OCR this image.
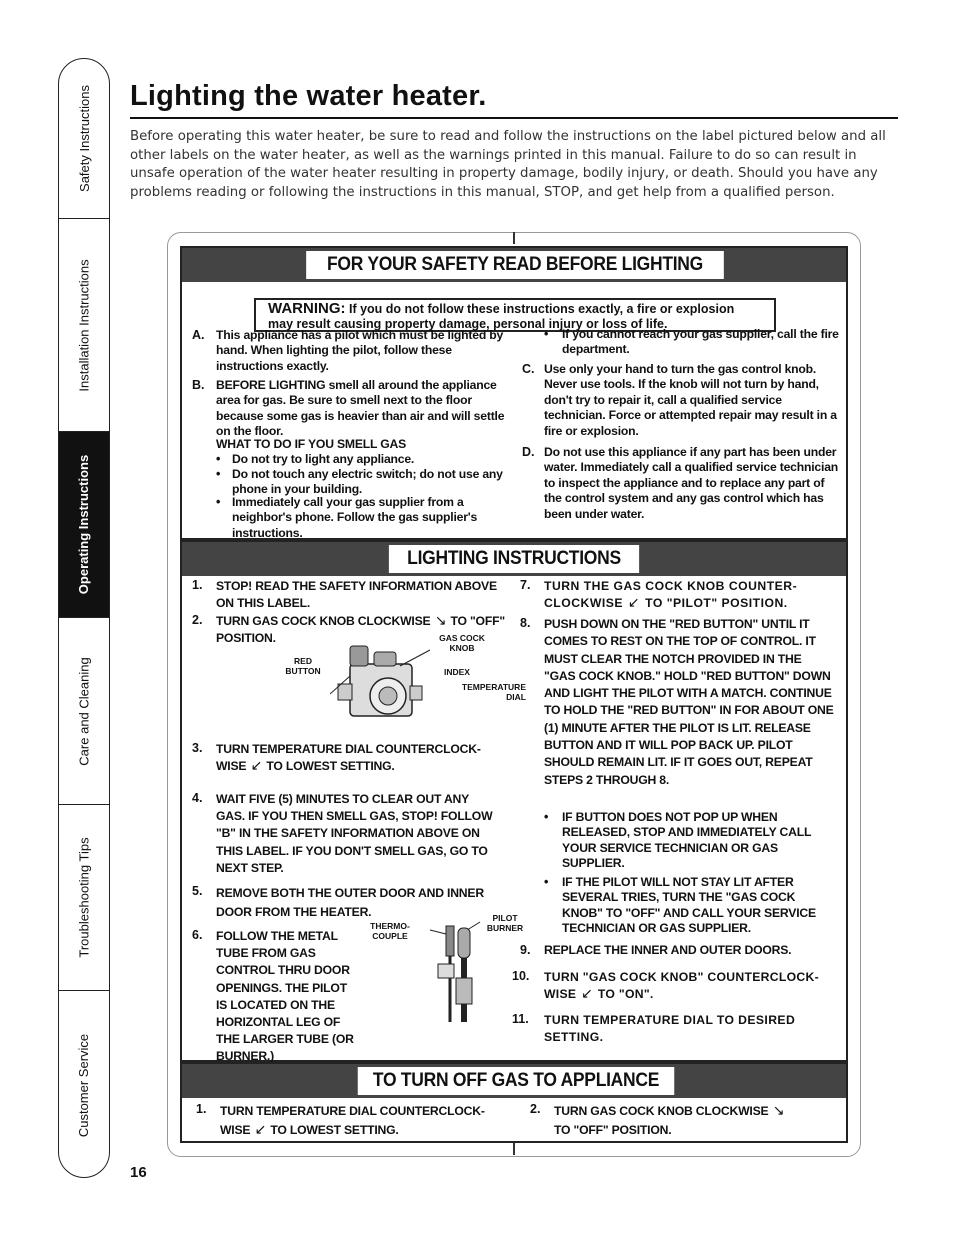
Safety Instructions
Installation Instructions
Operating Instructions
Care and Cleaning
Troubleshooting Tips
Customer Service
Lighting the water heater.

Before operating this water heater, be sure to read and follow the instructions on the label pictured below and all other labels on the water heater, as well as the warnings printed in this manual. Failure to do so can result in unsafe operation of the water heater resulting in property damage, bodily injury, or death. Should you have any problems reading or following the instructions in this manual, STOP, and get help from a qualified person.

FOR YOUR SAFETY READ BEFORE LIGHTING
WARNING: If you do not follow these instructions exactly, a fire or explosion
may result causing property damage, personal injury or loss of life.
A. This appliance has a pilot which must be lighted by hand. When lighting the pilot, follow these instructions exactly.
B. BEFORE LIGHTING smell all around the appliance area for gas. Be sure to smell next to the floor because some gas is heavier than air and will settle on the floor.
WHAT TO DO IF YOU SMELL GAS
• Do not try to light any appliance.
• Do not touch any electric switch; do not use any phone in your building.
• Immediately call your gas supplier from a neighbor's phone. Follow the gas supplier's instructions.
• If you cannot reach your gas supplier, call the fire department.
C. Use only your hand to turn the gas control knob. Never use tools. If the knob will not turn by hand, don't try to repair it, call a qualified service technician. Force or attempted repair may result in a fire or explosion.
D. Do not use this appliance if any part has been under water. Immediately call a qualified service technician to inspect the appliance and to replace any part of the control system and any gas control which has been under water.
LIGHTING INSTRUCTIONS
1. STOP! READ THE SAFETY INFORMATION ABOVE ON THIS LABEL.
2. TURN GAS COCK KNOB CLOCKWISE ↘ TO "OFF" POSITION.
RED BUTTON
GAS COCK KNOB
INDEX
TEMPERATURE DIAL
3. TURN TEMPERATURE DIAL COUNTERCLOCK-
WISE ↙ TO LOWEST SETTING.
4. WAIT FIVE (5) MINUTES TO CLEAR OUT ANY GAS. IF YOU THEN SMELL GAS, STOP! FOLLOW "B" IN THE SAFETY INFORMATION ABOVE ON THIS LABEL. IF YOU DON'T SMELL GAS, GO TO NEXT STEP.
5. REMOVE BOTH THE OUTER DOOR AND INNER DOOR FROM THE HEATER.
6. FOLLOW THE METAL TUBE FROM GAS CONTROL THRU DOOR OPENINGS. THE PILOT IS LOCATED ON THE HORIZONTAL LEG OF THE LARGER TUBE (OR BURNER.)
THERMO- COUPLE
PILOT BURNER
7. TURN THE GAS COCK KNOB COUNTER-
CLOCKWISE ↙ TO "PILOT" POSITION.
8. PUSH DOWN ON THE "RED BUTTON" UNTIL IT COMES TO REST ON THE TOP OF CONTROL. IT MUST CLEAR THE NOTCH PROVIDED IN THE "GAS COCK KNOB." HOLD "RED BUTTON" DOWN AND LIGHT THE PILOT WITH A MATCH. CONTINUE TO HOLD THE "RED BUTTON" IN FOR ABOUT ONE (1) MINUTE AFTER THE PILOT IS LIT. RELEASE BUTTON AND IT WILL POP BACK UP. PILOT SHOULD REMAIN LIT. IF IT GOES OUT, REPEAT STEPS 2 THROUGH 8.
• IF BUTTON DOES NOT POP UP WHEN RELEASED, STOP AND IMMEDIATELY CALL YOUR SERVICE TECHNICIAN OR GAS SUPPLIER.
• IF THE PILOT WILL NOT STAY LIT AFTER SEVERAL TRIES, TURN THE "GAS COCK KNOB" TO "OFF" AND CALL YOUR SERVICE TECHNICIAN OR GAS SUPPLIER.
9. REPLACE THE INNER AND OUTER DOORS.
10. TURN "GAS COCK KNOB" COUNTERCLOCK-
WISE ↙ TO "ON".
11. TURN TEMPERATURE DIAL TO DESIRED SETTING.
TO TURN OFF GAS TO APPLIANCE
1. TURN TEMPERATURE DIAL COUNTERCLOCK-
WISE ↙ TO LOWEST SETTING.
2. TURN GAS COCK KNOB CLOCKWISE ↘
TO "OFF" POSITION.
16
